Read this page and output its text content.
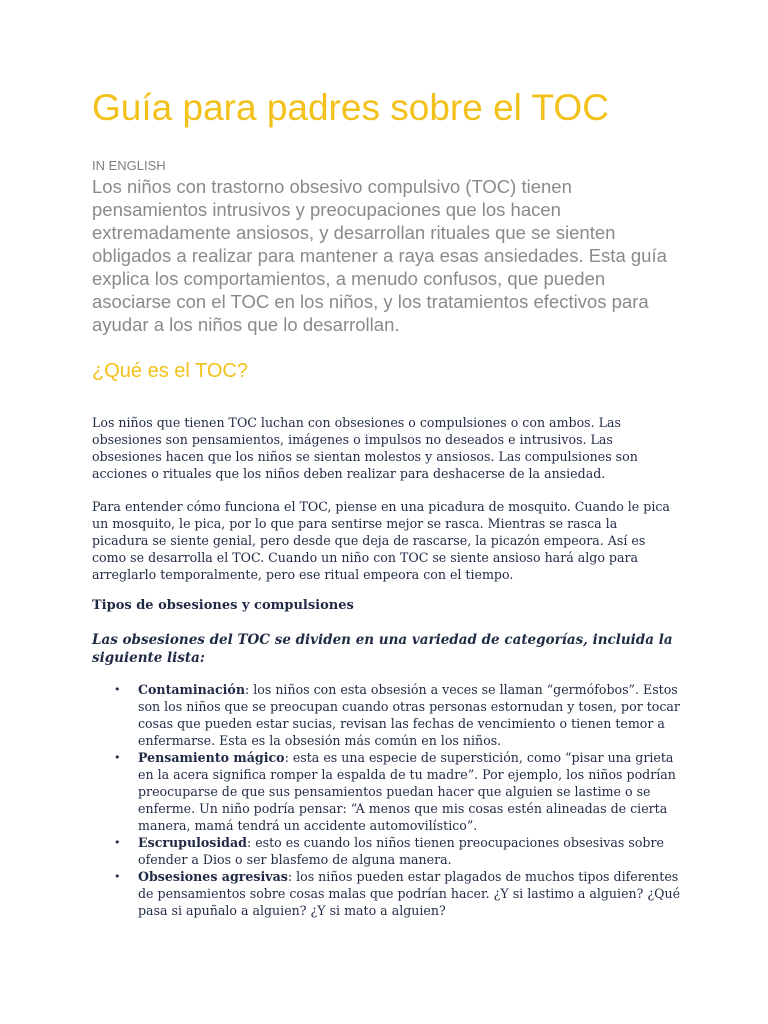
Guía para padres sobre el TOC
IN ENGLISH

Los niños con trastorno obsesivo compulsivo (TOC) tienen pensamientos intrusivos y preocupaciones que los hacen extremadamente ansiosos, y desarrollan rituales que se sienten obligados a realizar para mantener a raya esas ansiedades. Esta guía explica los comportamientos, a menudo confusos, que pueden asociarse con el TOC en los niños, y los tratamientos efectivos para ayudar a los niños que lo desarrollan.

¿Qué es el TOC?

Los niños que tienen TOC luchan con obsesiones o compulsiones o con ambos. Las obsesiones son pensamientos, imágenes o impulsos no deseados e intrusivos. Las obsesiones hacen que los niños se sientan molestos y ansiosos. Las compulsiones son acciones o rituales que los niños deben realizar para deshacerse de la ansiedad.

Para entender cómo funciona el TOC, piense en una picadura de mosquito. Cuando le pica un mosquito, le pica, por lo que para sentirse mejor se rasca. Mientras se rasca la picadura se siente genial, pero desde que deja de rascarse, la picazón empeora. Así es como se desarrolla el TOC. Cuando un niño con TOC se siente ansioso hará algo para arreglarlo temporalmente, pero ese ritual empeora con el tiempo.

Tipos de obsesiones y compulsiones

Las obsesiones del TOC se dividen en una variedad de categorías, incluida la siguiente lista:

• Contaminación: los niños con esta obsesión a veces se llaman “germófobos”. Estos son los niños que se preocupan cuando otras personas estornudan y tosen, por tocar cosas que pueden estar sucias, revisan las fechas de vencimiento o tienen temor a enfermarse. Esta es la obsesión más común en los niños.
• Pensamiento mágico: esta es una especie de superstición, como “pisar una grieta en la acera significa romper la espalda de tu madre”. Por ejemplo, los niños podrían preocuparse de que sus pensamientos puedan hacer que alguien se lastime o se enferme. Un niño podría pensar: “A menos que mis cosas estén alineadas de cierta manera, mamá tendrá un accidente automovilístico”.
• Escrupulosidad: esto es cuando los niños tienen preocupaciones obsesivas sobre ofender a Dios o ser blasfemo de alguna manera.
• Obsesiones agresivas: los niños pueden estar plagados de muchos tipos diferentes de pensamientos sobre cosas malas que podrían hacer. ¿Y si lastimo a alguien? ¿Qué pasa si apuñalo a alguien? ¿Y si mato a alguien?
